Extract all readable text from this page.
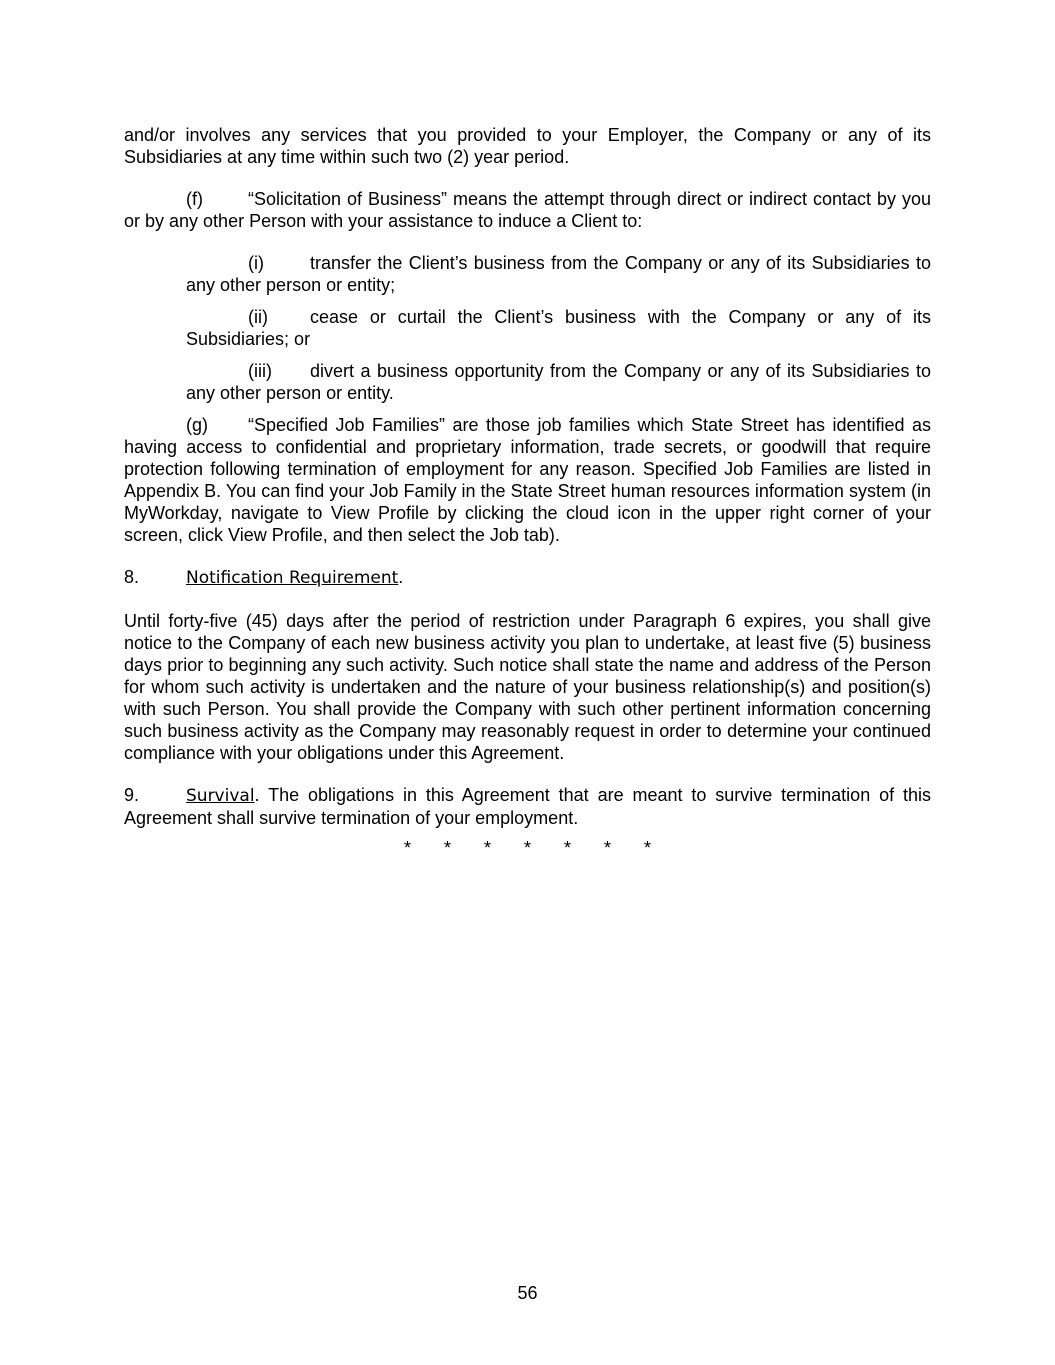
and/or involves any services that you provided to your Employer, the Company or any of its Subsidiaries at any time within such two (2) year period.

(f)	“Solicitation of Business” means the attempt through direct or indirect contact by you or by any other Person with your assistance to induce a Client to:

(i)	transfer the Client’s business from the Company or any of its Subsidiaries to any other person or entity;

(ii) cease or curtail the Client’s business with the Company or any of its Subsidiaries; or

(iii) divert a business opportunity from the Company or any of its Subsidiaries to any other person or entity.

(g) “Specified Job Families” are those job families which State Street has identified as having access to confidential and proprietary information, trade secrets, or goodwill that require protection following termination of employment for any reason. Specified Job Families are listed in Appendix B. You can find your Job Family in the State Street human resources information system (in MyWorkday, navigate to View Profile by clicking the cloud icon in the upper right corner of your screen, click View Profile, and then select the Job tab).

8.	Notification Requirement.

Until forty-five (45) days after the period of restriction under Paragraph 6 expires, you shall give notice to the Company of each new business activity you plan to undertake, at least five (5) business days prior to beginning any such activity. Such notice shall state the name and address of the Person for whom such activity is undertaken and the nature of your business relationship(s) and position(s) with such Person. You shall provide the Company with such other pertinent information concerning such business activity as the Company may reasonably request in order to determine your continued compliance with your obligations under this Agreement.

9.	Survival. The obligations in this Agreement that are meant to survive termination of this Agreement shall survive termination of your employment.

* * * * * * *

56
